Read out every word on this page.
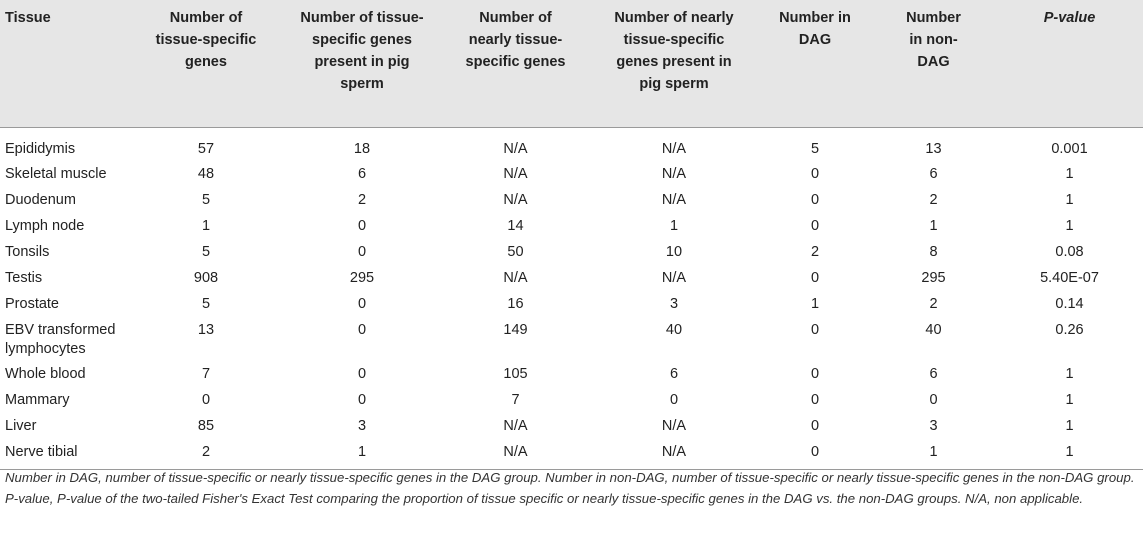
Tissue	Number of tissue-specific genes	Number of tissue-specific genes present in pig sperm	Number of nearly tissue-specific genes	Number of nearly tissue-specific genes present in pig sperm	Number in DAG	Number in non-DAG	P-value
Epididymis	57	18	N/A	N/A	5	13	0.001
Skeletal muscle	48	6	N/A	N/A	0	6	1
Duodenum	5	2	N/A	N/A	0	2	1
Lymph node	1	0	14	1	0	1	1
Tonsils	5	0	50	10	2	8	0.08
Testis	908	295	N/A	N/A	0	295	5.40E-07
Prostate	5	0	16	3	1	2	0.14
EBV transformed lymphocytes	13	0	149	40	0	40	0.26
Whole blood	7	0	105	6	0	6	1
Mammary	0	0	7	0	0	0	1
Liver	85	3	N/A	N/A	0	3	1
Nerve tibial	2	1	N/A	N/A	0	1	1
Number in DAG, number of tissue-specific or nearly tissue-specific genes in the DAG group. Number in non-DAG, number of tissue-specific or nearly tissue-specific genes in the non-DAG group. P-value, P-value of the two-tailed Fisher's Exact Test comparing the proportion of tissue specific or nearly tissue-specific genes in the DAG vs. the non-DAG groups. N/A, non applicable.
